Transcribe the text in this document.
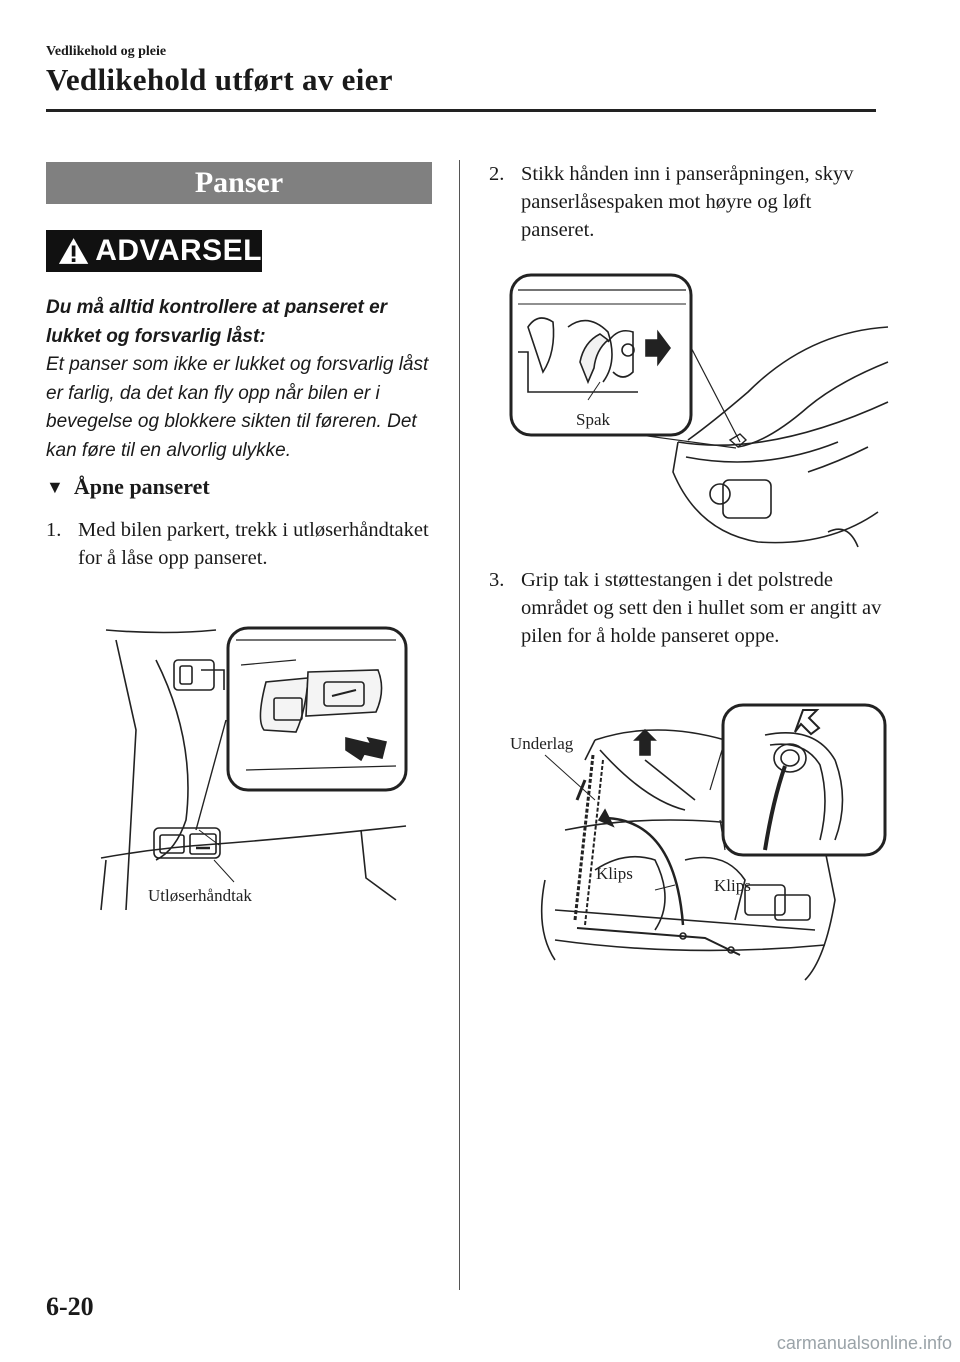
Vedlikehold og pleie
Vedlikehold utført av eier
Panser
ADVARSEL
Du må alltid kontrollere at panseret er lukket og forsvarlig låst:
Et panser som ikke er lukket og forsvarlig låst er farlig, da det kan fly opp når bilen er i bevegelse og blokkere sikten til føreren. Det kan føre til en alvorlig ulykke.
▼ Åpne panseret
1. Med bilen parkert, trekk i utløserhåndtaket for å låse opp panseret.
Utløserhåndtak
2. Stikk hånden inn i panseråpningen, skyv panserlåsespaken mot høyre og løft panseret.
Spak
3. Grip tak i støttestangen i det polstrede området og sett den i hullet som er angitt av pilen for å holde panseret oppe.
Underlag
Klips
Klips
6-20
carmanualsonline.info
